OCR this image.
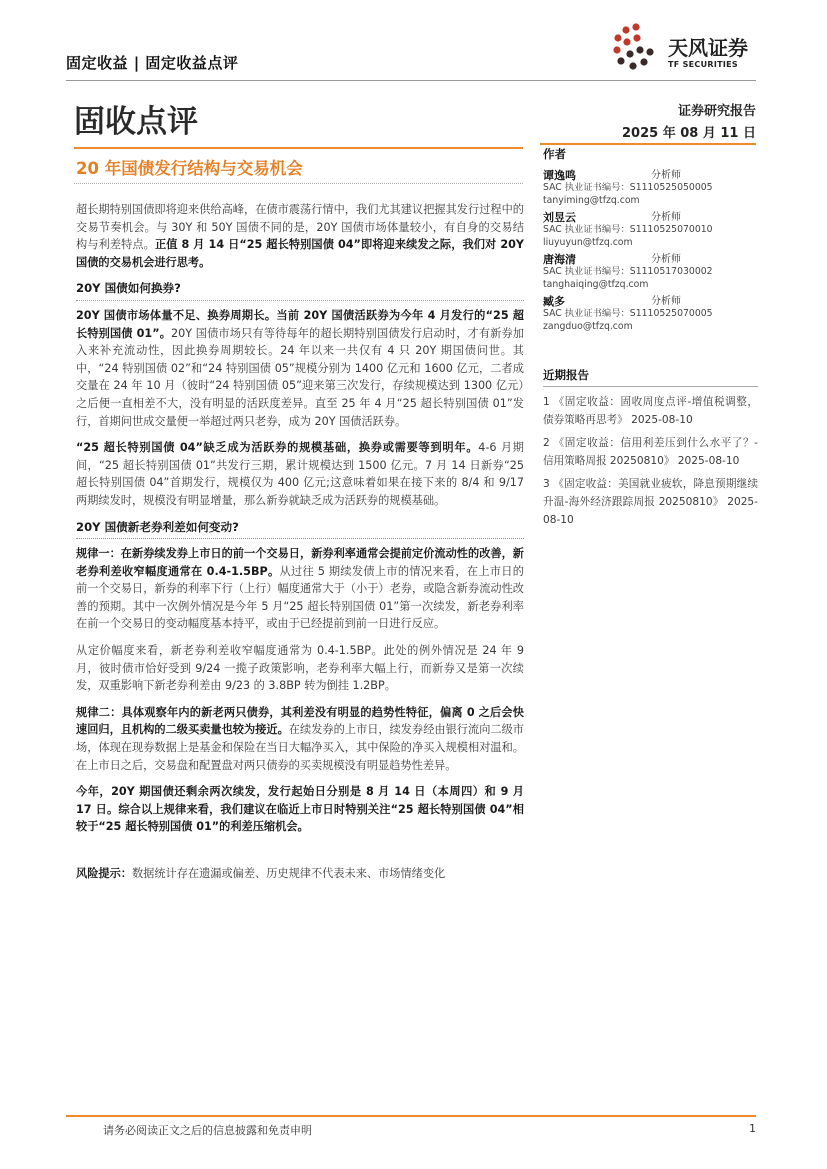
固定收益 | 固定收益点评
天风证券
TF SECURITIES
固收点评	证券研究报告
2025 年 08 月 11 日
20 年国债发行结构与交易机会

超长期特别国债即将迎来供给高峰，在债市震荡行情中，我们尤其建议把握其发行过程中的交易节奏机会。与 30Y 和 50Y 国债不同的是，20Y 国债市场体量较小，有自身的交易结构与利差特点。正值 8 月 14 日“25 超长特别国债 04”即将迎来续发之际，我们对 20Y 国债的交易机会进行思考。

20Y 国债如何换券?

20Y 国债市场体量不足、换券周期长。当前 20Y 国债活跃券为今年 4 月发行的“25 超长特别国债 01”。20Y 国债市场只有等待每年的超长期特别国债发行启动时，才有新券加入来补充流动性，因此换券周期较长。24 年以来一共仅有 4 只 20Y 期国债问世。其中，“24 特别国债 02”和“24 特别国债 05”规模分别为 1400 亿元和 1600 亿元，二者成交量在 24 年 10 月（彼时“24 特别国债 05”迎来第三次发行，存续规模达到 1300 亿元）之后便一直相差不大，没有明显的活跃度差异。直至 25 年 4 月“25 超长特别国债 01”发行，首期问世成交量便一举超过两只老券，成为 20Y 国债活跃券。

“25 超长特别国债 04”缺乏成为活跃券的规模基础，换券或需要等到明年。4-6 月期间，“25 超长特别国债 01”共发行三期，累计规模达到 1500 亿元。7 月 14 日新券“25 超长特别国债 04”首期发行，规模仅为 400 亿元;这意味着如果在接下来的 8/4 和 9/17 两期续发时，规模没有明显增量，那么新券就缺乏成为活跃券的规模基础。

20Y 国债新老券利差如何变动?

规律一：在新券续发券上市日的前一个交易日，新券利率通常会提前定价流动性的改善，新老券利差收窄幅度通常在 0.4-1.5BP。从过往 5 期续发债上市的情况来看，在上市日的前一个交易日，新券的利率下行（上行）幅度通常大于（小于）老券，或隐含新券流动性改善的预期。其中一次例外情况是今年 5 月“25 超长特别国债 01”第一次续发，新老券利率在前一个交易日的变动幅度基本持平，或由于已经提前到前一日进行反应。

从定价幅度来看，新老券利差收窄幅度通常为 0.4-1.5BP。此处的例外情况是 24 年 9 月，彼时债市恰好受到 9/24 一揽子政策影响，老券利率大幅上行，而新券又是第一次续发，双重影响下新老券利差由 9/23 的 3.8BP 转为倒挂 1.2BP。

规律二：具体观察年内的新老两只债券，其利差没有明显的趋势性特征，偏离 0 之后会快速回归，且机构的二级买卖量也较为接近。在续发券的上市日，续发券经由银行流向二级市场，体现在现券数据上是基金和保险在当日大幅净买入，其中保险的净买入规模相对温和。在上市日之后，交易盘和配置盘对两只债券的买卖规模没有明显趋势性差异。

今年，20Y 期国债还剩余两次续发，发行起始日分别是 8 月 14 日（本周四）和 9 月 17 日。综合以上规律来看，我们建议在临近上市日时特别关注“25 超长特别国债 04”相较于“25 超长特别国债 01”的利差压缩机会。

风险提示：数据统计存在遗漏或偏差、历史规律不代表未来、市场情绪变化

作者
谭逸鸣	分析师
SAC 执业证书编号：S1110525050005
tanyiming@tfzq.com
刘昱云	分析师
SAC 执业证书编号：S1110525070010
liuyuyun@tfzq.com
唐海清	分析师
SAC 执业证书编号：S1110517030002
tanghaiqing@tfzq.com
臧多	分析师
SAC 执业证书编号：S1110525070005
zangduo@tfzq.com
近期报告
1 《固定收益：固收周度点评-增值税调整，债券策略再思考》 2025-08-10
2 《固定收益：信用利差压到什么水平了？-信用策略周报 20250810》 2025-08-10
3 《固定收益：美国就业疲软，降息预期继续升温-海外经济跟踪周报 20250810》 2025-08-10
请务必阅读正文之后的信息披露和免责申明	1
